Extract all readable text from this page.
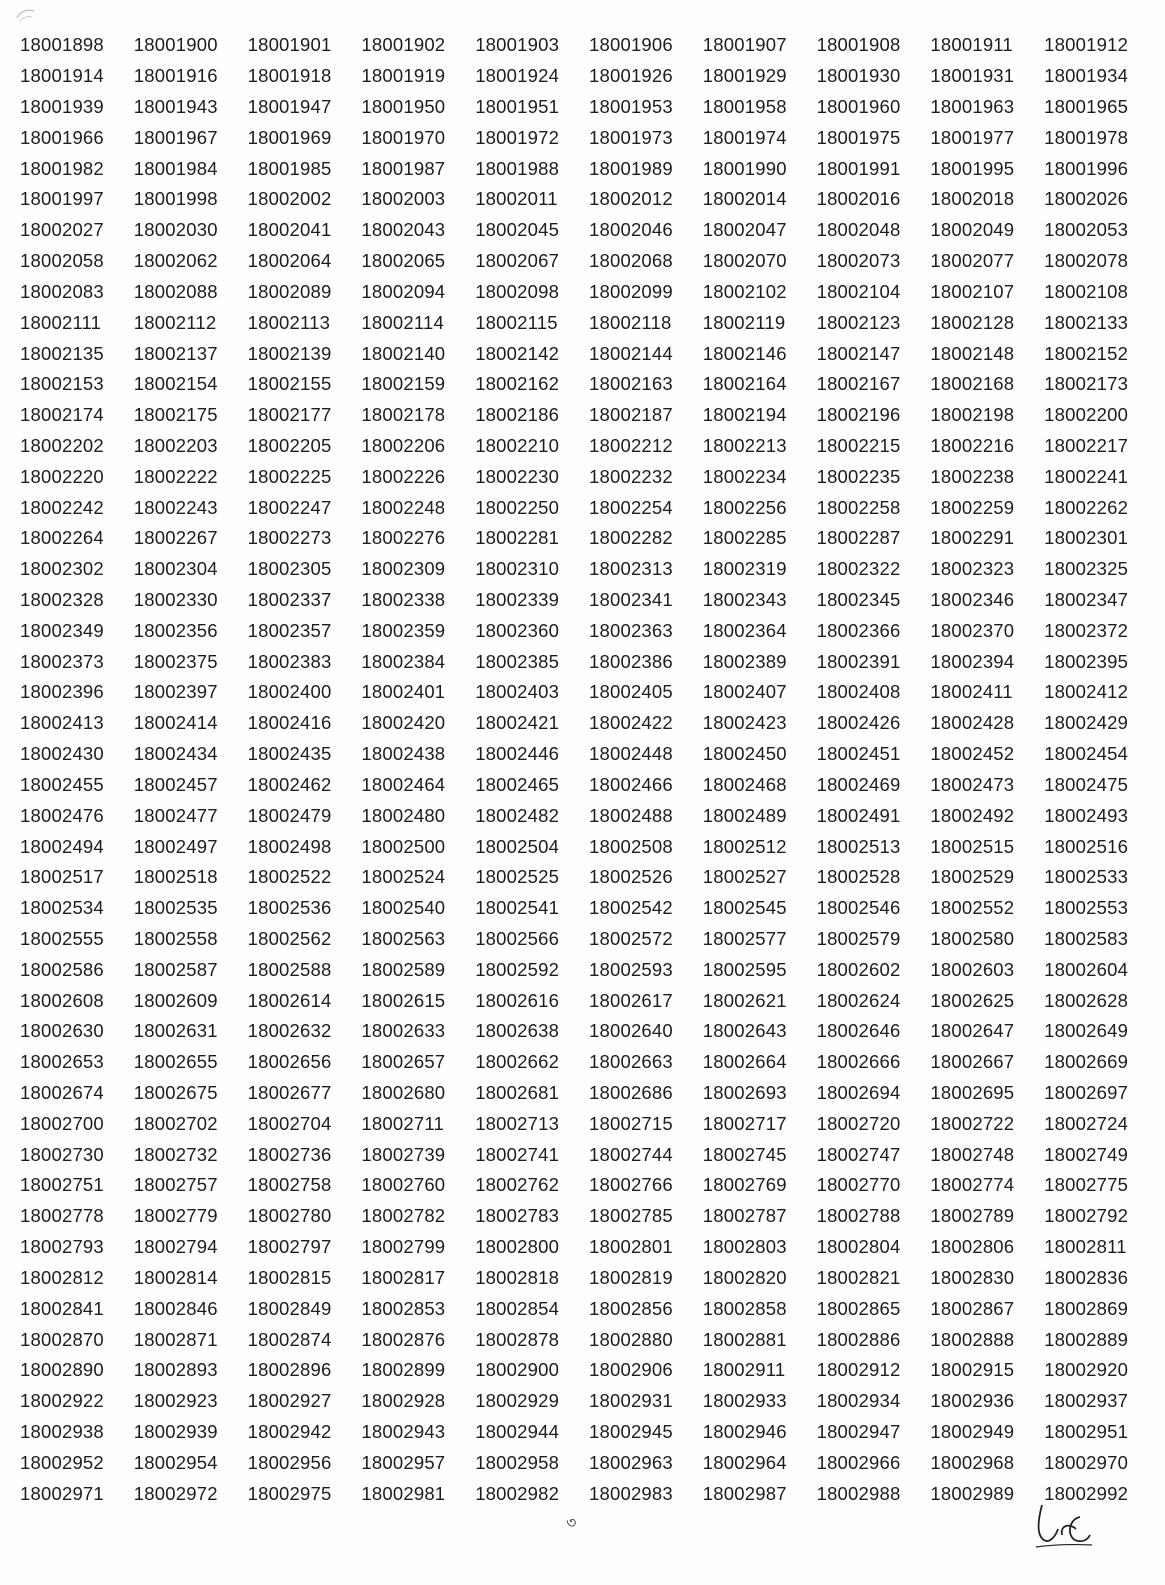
18001898	18001900	18001901	18001902	18001903	18001906	18001907	18001908	18001911	18001912
18001914	18001916	18001918	18001919	18001924	18001926	18001929	18001930	18001931	18001934
18001939	18001943	18001947	18001950	18001951	18001953	18001958	18001960	18001963	18001965
18001966	18001967	18001969	18001970	18001972	18001973	18001974	18001975	18001977	18001978
18001982	18001984	18001985	18001987	18001988	18001989	18001990	18001991	18001995	18001996
18001997	18001998	18002002	18002003	18002011	18002012	18002014	18002016	18002018	18002026
18002027	18002030	18002041	18002043	18002045	18002046	18002047	18002048	18002049	18002053
18002058	18002062	18002064	18002065	18002067	18002068	18002070	18002073	18002077	18002078
18002083	18002088	18002089	18002094	18002098	18002099	18002102	18002104	18002107	18002108
18002111	18002112	18002113	18002114	18002115	18002118	18002119	18002123	18002128	18002133
18002135	18002137	18002139	18002140	18002142	18002144	18002146	18002147	18002148	18002152
18002153	18002154	18002155	18002159	18002162	18002163	18002164	18002167	18002168	18002173
18002174	18002175	18002177	18002178	18002186	18002187	18002194	18002196	18002198	18002200
18002202	18002203	18002205	18002206	18002210	18002212	18002213	18002215	18002216	18002217
18002220	18002222	18002225	18002226	18002230	18002232	18002234	18002235	18002238	18002241
18002242	18002243	18002247	18002248	18002250	18002254	18002256	18002258	18002259	18002262
18002264	18002267	18002273	18002276	18002281	18002282	18002285	18002287	18002291	18002301
18002302	18002304	18002305	18002309	18002310	18002313	18002319	18002322	18002323	18002325
18002328	18002330	18002337	18002338	18002339	18002341	18002343	18002345	18002346	18002347
18002349	18002356	18002357	18002359	18002360	18002363	18002364	18002366	18002370	18002372
18002373	18002375	18002383	18002384	18002385	18002386	18002389	18002391	18002394	18002395
18002396	18002397	18002400	18002401	18002403	18002405	18002407	18002408	18002411	18002412
18002413	18002414	18002416	18002420	18002421	18002422	18002423	18002426	18002428	18002429
18002430	18002434	18002435	18002438	18002446	18002448	18002450	18002451	18002452	18002454
18002455	18002457	18002462	18002464	18002465	18002466	18002468	18002469	18002473	18002475
18002476	18002477	18002479	18002480	18002482	18002488	18002489	18002491	18002492	18002493
18002494	18002497	18002498	18002500	18002504	18002508	18002512	18002513	18002515	18002516
18002517	18002518	18002522	18002524	18002525	18002526	18002527	18002528	18002529	18002533
18002534	18002535	18002536	18002540	18002541	18002542	18002545	18002546	18002552	18002553
18002555	18002558	18002562	18002563	18002566	18002572	18002577	18002579	18002580	18002583
18002586	18002587	18002588	18002589	18002592	18002593	18002595	18002602	18002603	18002604
18002608	18002609	18002614	18002615	18002616	18002617	18002621	18002624	18002625	18002628
18002630	18002631	18002632	18002633	18002638	18002640	18002643	18002646	18002647	18002649
18002653	18002655	18002656	18002657	18002662	18002663	18002664	18002666	18002667	18002669
18002674	18002675	18002677	18002680	18002681	18002686	18002693	18002694	18002695	18002697
18002700	18002702	18002704	18002711	18002713	18002715	18002717	18002720	18002722	18002724
18002730	18002732	18002736	18002739	18002741	18002744	18002745	18002747	18002748	18002749
18002751	18002757	18002758	18002760	18002762	18002766	18002769	18002770	18002774	18002775
18002778	18002779	18002780	18002782	18002783	18002785	18002787	18002788	18002789	18002792
18002793	18002794	18002797	18002799	18002800	18002801	18002803	18002804	18002806	18002811
18002812	18002814	18002815	18002817	18002818	18002819	18002820	18002821	18002830	18002836
18002841	18002846	18002849	18002853	18002854	18002856	18002858	18002865	18002867	18002869
18002870	18002871	18002874	18002876	18002878	18002880	18002881	18002886	18002888	18002889
18002890	18002893	18002896	18002899	18002900	18002906	18002911	18002912	18002915	18002920
18002922	18002923	18002927	18002928	18002929	18002931	18002933	18002934	18002936	18002937
18002938	18002939	18002942	18002943	18002944	18002945	18002946	18002947	18002949	18002951
18002952	18002954	18002956	18002957	18002958	18002963	18002964	18002966	18002968	18002970
18002971	18002972	18002975	18002981	18002982	18002983	18002987	18002988	18002989	18002992
৩
